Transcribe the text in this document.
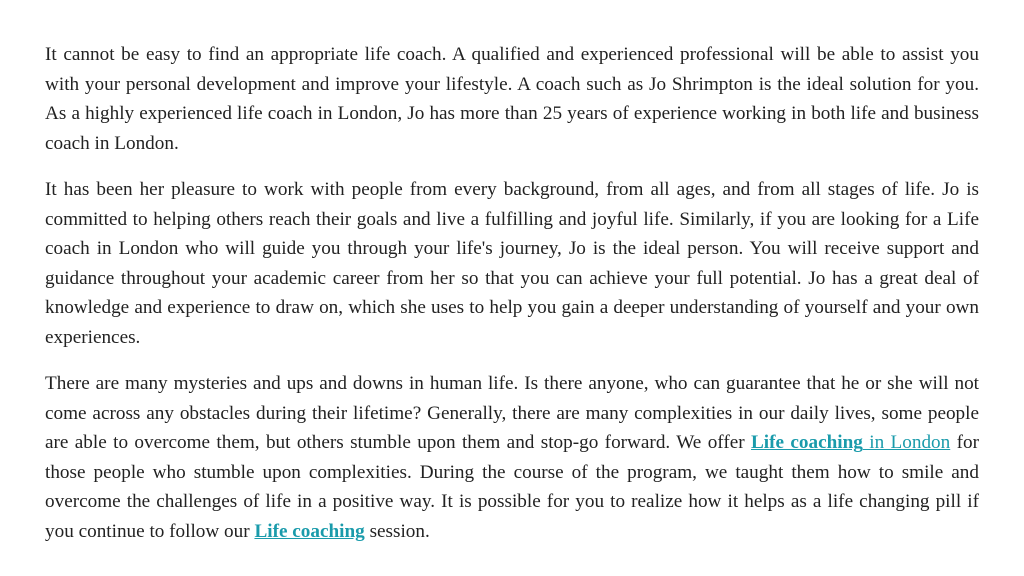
It cannot be easy to find an appropriate life coach. A qualified and experienced professional will be able to assist you with your personal development and improve your lifestyle. A coach such as Jo Shrimpton is the ideal solution for you. As a highly experienced life coach in London, Jo has more than 25 years of experience working in both life and business coach in London.

It has been her pleasure to work with people from every background, from all ages, and from all stages of life. Jo is committed to helping others reach their goals and live a fulfilling and joyful life. Similarly, if you are looking for a Life coach in London who will guide you through your life's journey, Jo is the ideal person. You will receive support and guidance throughout your academic career from her so that you can achieve your full potential. Jo has a great deal of knowledge and experience to draw on, which she uses to help you gain a deeper understanding of yourself and your own experiences.

There are many mysteries and ups and downs in human life. Is there anyone, who can guarantee that he or she will not come across any obstacles during their lifetime? Generally, there are many complexities in our daily lives, some people are able to overcome them, but others stumble upon them and stop-go forward. We offer Life coaching in London for those people who stumble upon complexities. During the course of the program, we taught them how to smile and overcome the challenges of life in a positive way. It is possible for you to realize how it helps as a life changing pill if you continue to follow our Life coaching session.
